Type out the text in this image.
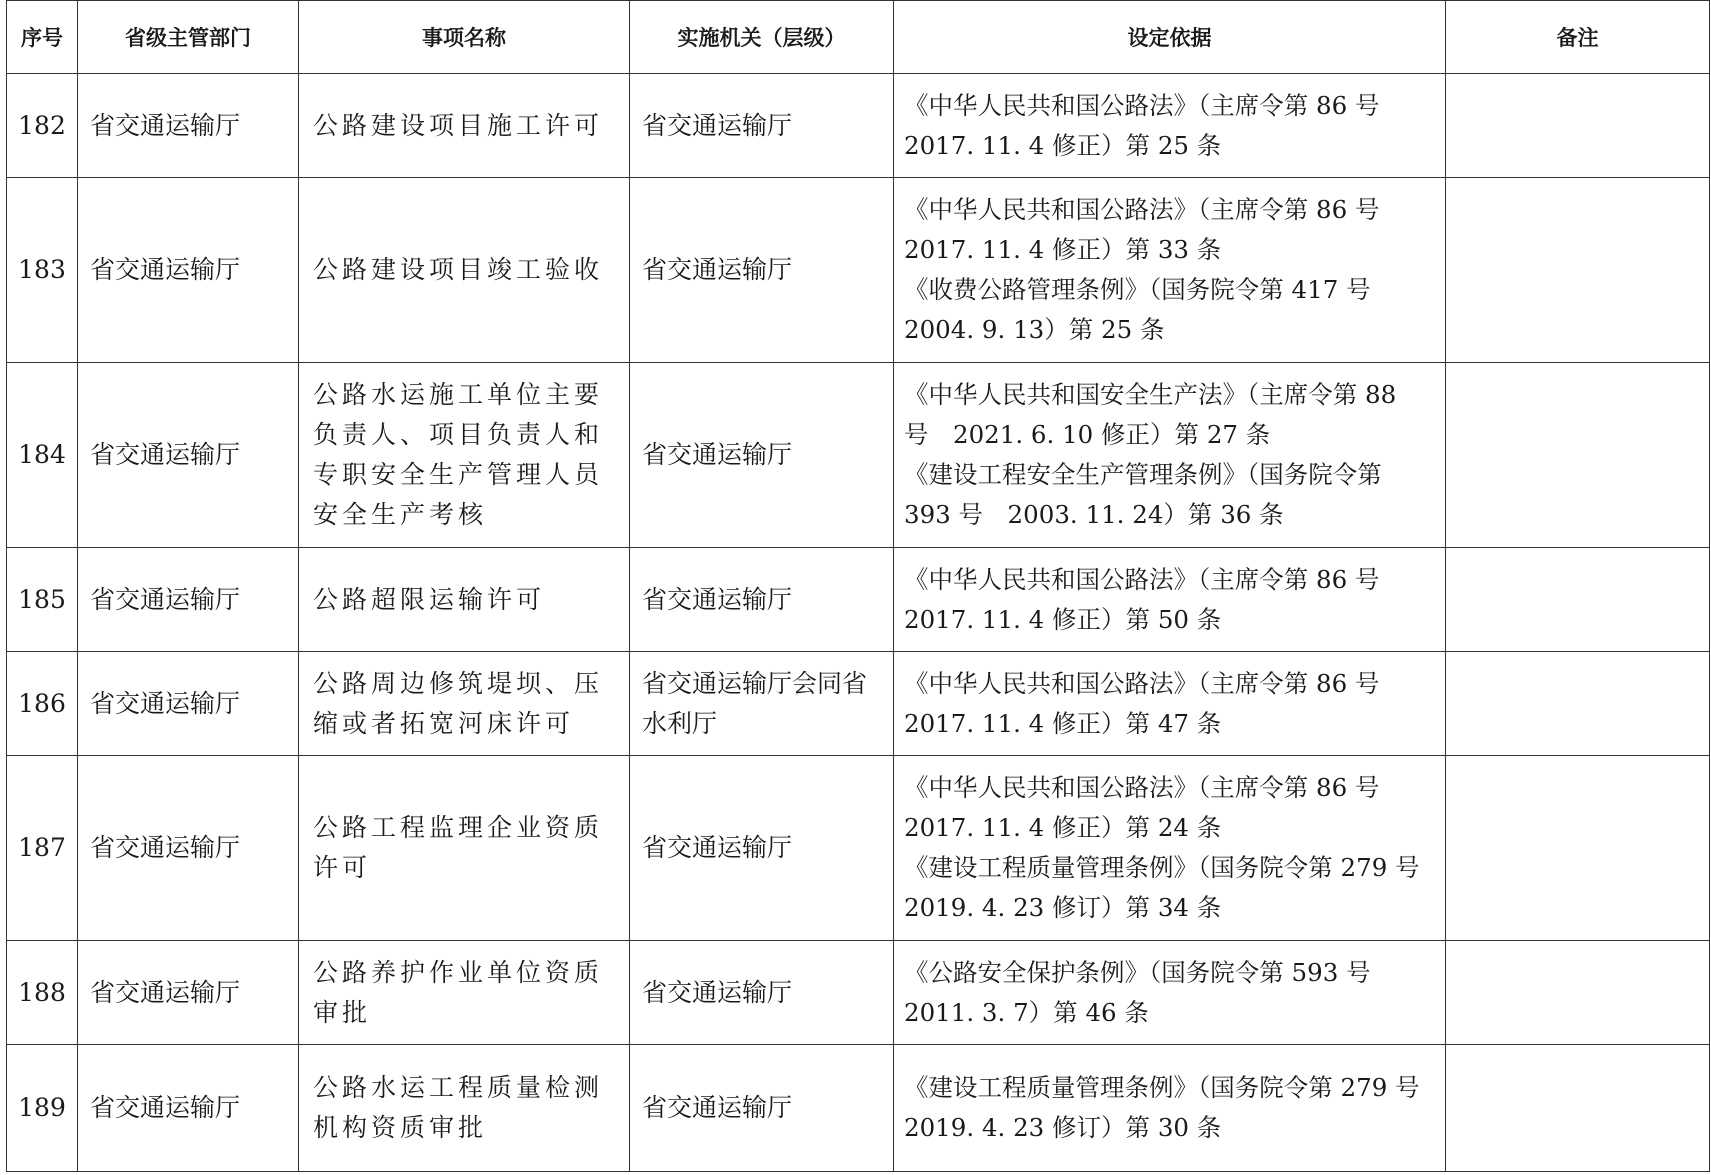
序号	省级主管部门	事项名称	实施机关（层级）	设定依据	备注
182	省交通运输厅	公路建设项目施工许可	省交通运输厅	《中华人民共和国公路法》（主席令第 86 号
2017. 11. 4 修正）第 25 条	

183	省交通运输厅	公路建设项目竣工验收	省交通运输厅	《中华人民共和国公路法》（主席令第 86 号
2017. 11. 4 修正）第 33 条
《收费公路管理条例》（国务院令第 417 号
2004. 9. 13）第 25 条	

184	省交通运输厅	公路水运施工单位主要负责人、项目负责人和专职安全生产管理人员安全生产考核	省交通运输厅	《中华人民共和国安全生产法》（主席令第 88
号　2021. 6. 10 修正）第 27 条
《建设工程安全生产管理条例》（国务院令第
393 号　2003. 11. 24）第 36 条	

185	省交通运输厅	公路超限运输许可	省交通运输厅	《中华人民共和国公路法》（主席令第 86 号
2017. 11. 4 修正）第 50 条	

186	省交通运输厅	公路周边修筑堤坝、压缩或者拓宽河床许可	省交通运输厅会同省水利厅	《中华人民共和国公路法》（主席令第 86 号
2017. 11. 4 修正）第 47 条	

187	省交通运输厅	公路工程监理企业资质许可	省交通运输厅	《中华人民共和国公路法》（主席令第 86 号
2017. 11. 4 修正）第 24 条
《建设工程质量管理条例》（国务院令第 279 号
2019. 4. 23 修订）第 34 条	

188	省交通运输厅	公路养护作业单位资质审批	省交通运输厅	《公路安全保护条例》（国务院令第 593 号
2011. 3. 7）第 46 条	

189	省交通运输厅	公路水运工程质量检测机构资质审批	省交通运输厅	《建设工程质量管理条例》（国务院令第 279 号
2019. 4. 23 修订）第 30 条	
